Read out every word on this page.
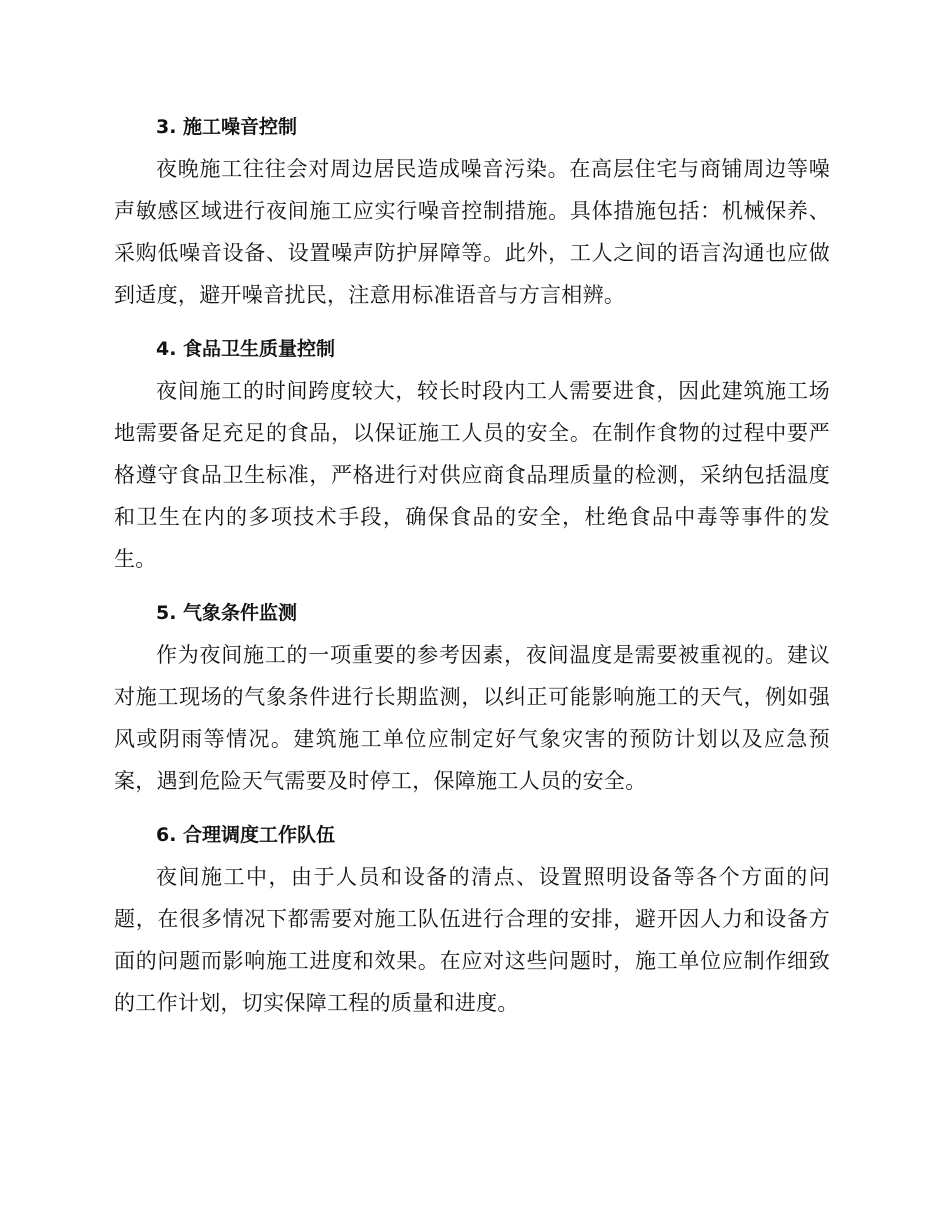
3. 施工噪音控制

夜晚施工往往会对周边居民造成噪音污染。在高层住宅与商铺周边等噪声敏感区域进行夜间施工应实行噪音控制措施。具体措施包括：机械保养、采购低噪音设备、设置噪声防护屏障等。此外，工人之间的语言沟通也应做到适度，避开噪音扰民，注意用标准语音与方言相辨。

4. 食品卫生质量控制

夜间施工的时间跨度较大，较长时段内工人需要进食，因此建筑施工场地需要备足充足的食品，以保证施工人员的安全。在制作食物的过程中要严格遵守食品卫生标准，严格进行对供应商食品理质量的检测，采纳包括温度和卫生在内的多项技术手段，确保食品的安全，杜绝食品中毒等事件的发生。

5. 气象条件监测

作为夜间施工的一项重要的参考因素，夜间温度是需要被重视的。建议对施工现场的气象条件进行长期监测，以纠正可能影响施工的天气，例如强风或阴雨等情况。建筑施工单位应制定好气象灾害的预防计划以及应急预案，遇到危险天气需要及时停工，保障施工人员的安全。

6. 合理调度工作队伍

夜间施工中，由于人员和设备的清点、设置照明设备等各个方面的问题，在很多情况下都需要对施工队伍进行合理的安排，避开因人力和设备方面的问题而影响施工进度和效果。在应对这些问题时，施工单位应制作细致的工作计划，切实保障工程的质量和进度。
